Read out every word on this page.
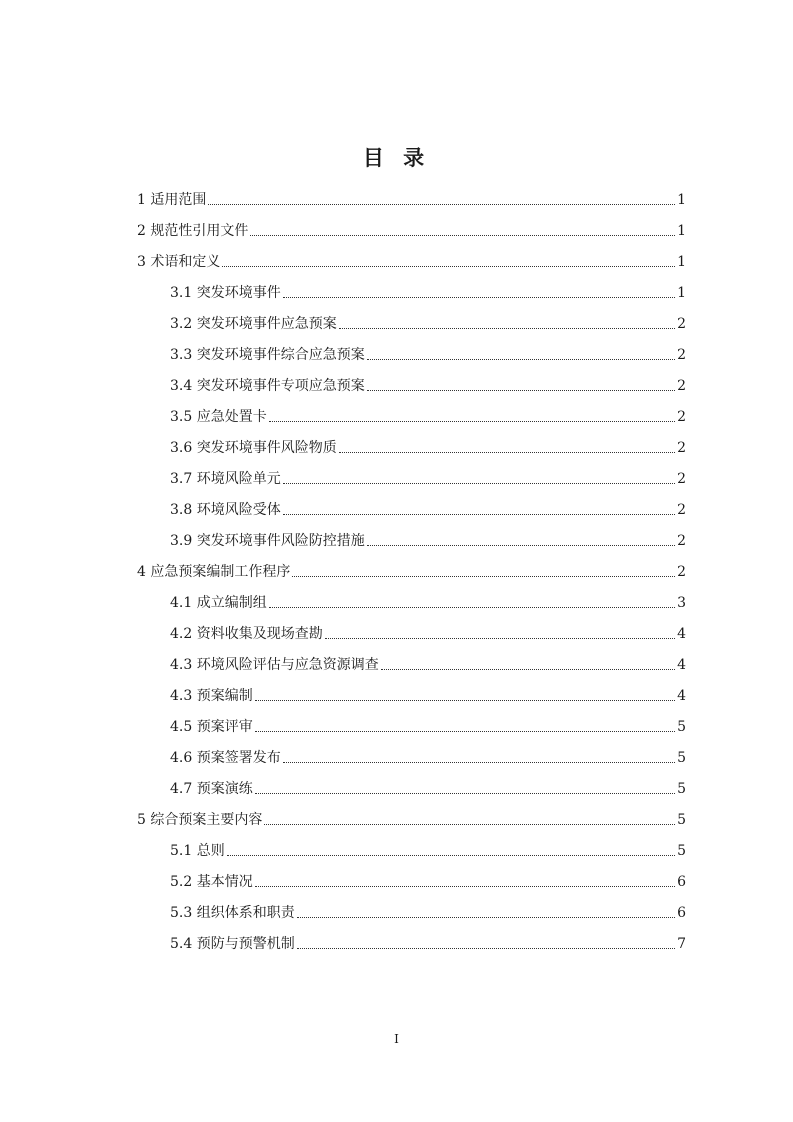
目 录
1 适用范围	1
2 规范性引用文件	1
3 术语和定义	1
3.1 突发环境事件	1
3.2 突发环境事件应急预案	2
3.3 突发环境事件综合应急预案	2
3.4 突发环境事件专项应急预案	2
3.5 应急处置卡	2
3.6 突发环境事件风险物质	2
3.7 环境风险单元	2
3.8 环境风险受体	2
3.9 突发环境事件风险防控措施	2
4 应急预案编制工作程序	2
4.1 成立编制组	3
4.2 资料收集及现场查勘	4
4.3 环境风险评估与应急资源调查	4
4.3 预案编制	4
4.5 预案评审	5
4.6 预案签署发布	5
4.7 预案演练	5
5 综合预案主要内容	5
5.1 总则	5
5.2 基本情况	6
5.3 组织体系和职责	6
5.4 预防与预警机制	7
I
